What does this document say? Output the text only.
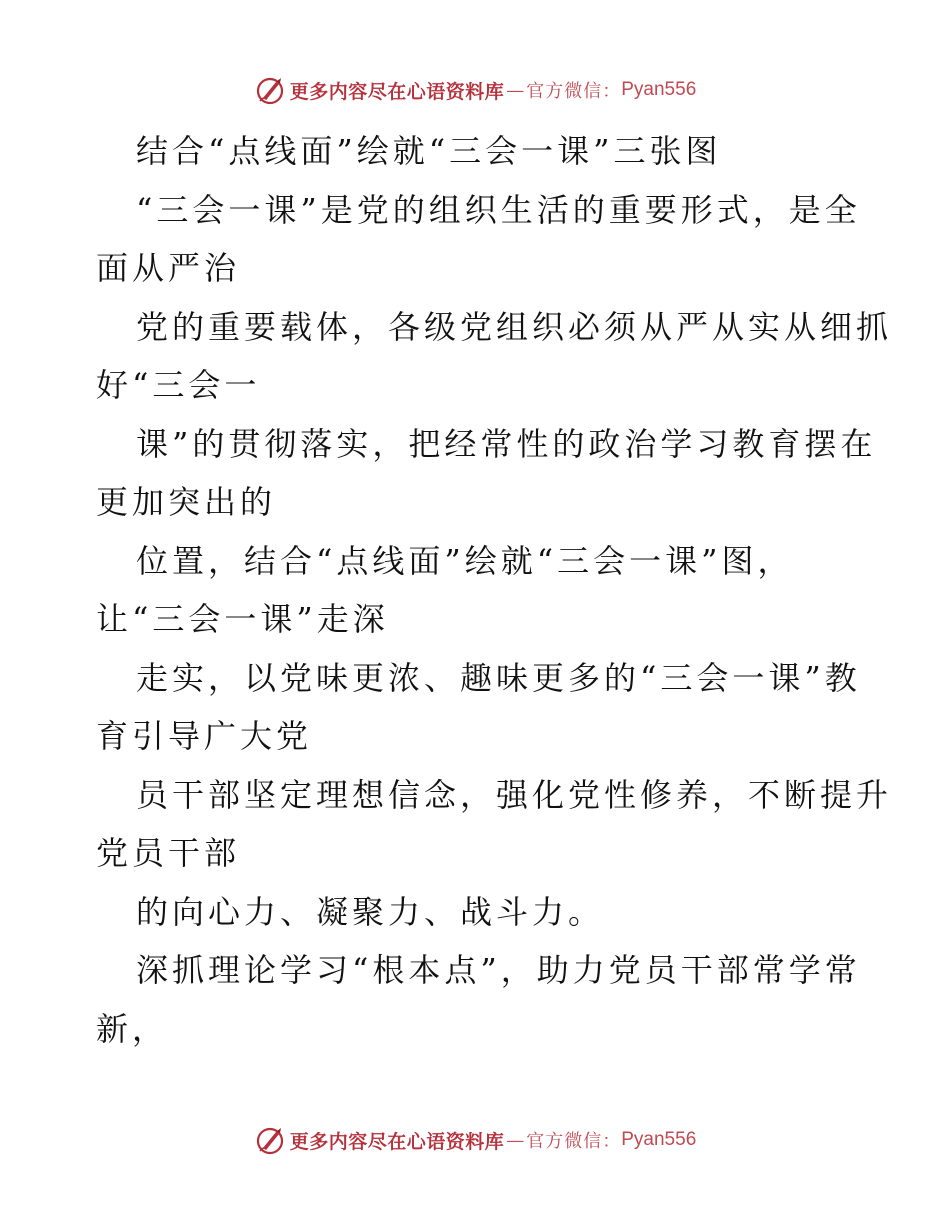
更多内容尽在心语资料库 — 官方微信： Pyan556
结合“点线面”绘就“三会一课”三张图
“三会一课”是党的组织生活的重要形式，是全
面从严治
党的重要载体，各级党组织必须从严从实从细抓
好“三会一
课”的贯彻落实，把经常性的政治学习教育摆在
更加突出的
位置，结合“点线面”绘就“三会一课”图，
让“三会一课”走深
走实，以党味更浓、趣味更多的“三会一课”教
育引导广大党
员干部坚定理想信念，强化党性修养，不断提升
党员干部
的向心力、凝聚力、战斗力。
深抓理论学习“根本点”，助力党员干部常学常
新，
更多内容尽在心语资料库 — 官方微信： Pyan556
